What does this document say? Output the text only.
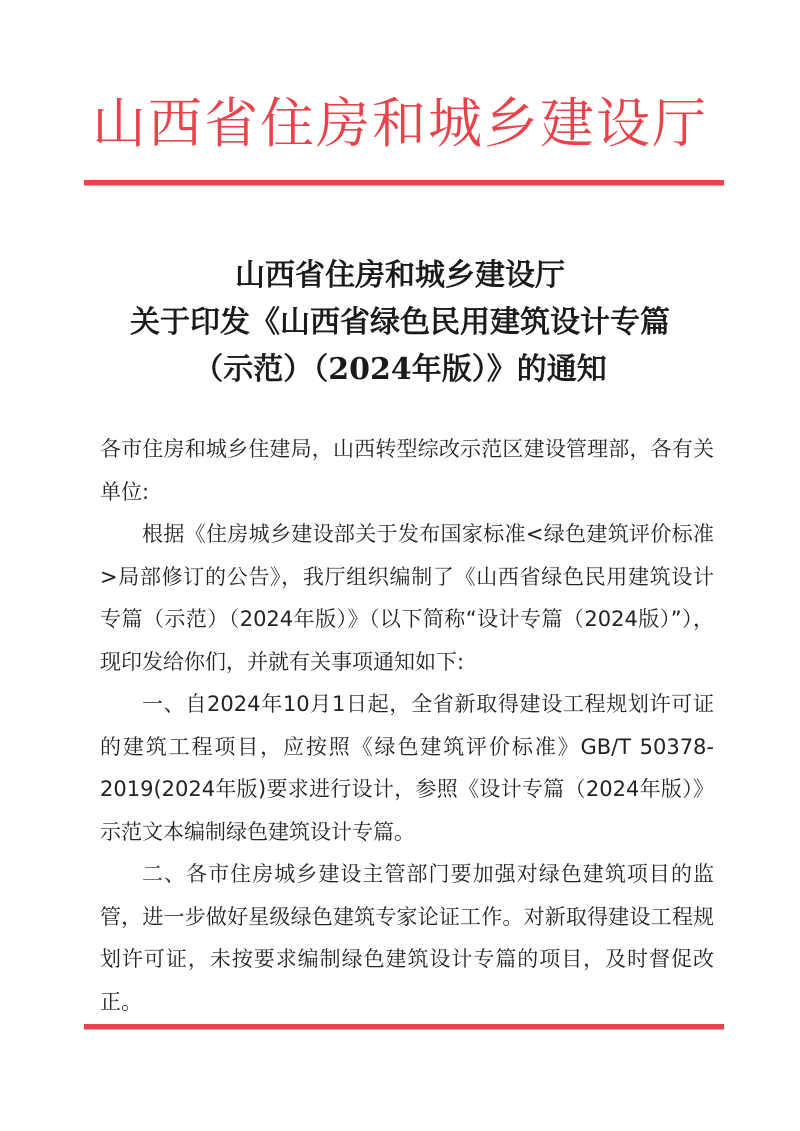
山西省住房和城乡建设厅
山西省住房和城乡建设厅
关于印发《山西省绿色民用建筑设计专篇
（示范）（2024年版）》的通知

各市住房和城乡住建局，山西转型综改示范区建设管理部，各有关单位:

根据《住房城乡建设部关于发布国家标准<绿色建筑评价标准>局部修订的公告》，我厅组织编制了《山西省绿色民用建筑设计专篇（示范）（2024年版）》（以下简称“设计专篇（2024版）”），现印发给你们，并就有关事项通知如下:

一、自2024年10月1日起，全省新取得建设工程规划许可证的建筑工程项目，应按照《绿色建筑评价标准》GB/T 50378-2019(2024年版)要求进行设计，参照《设计专篇（2024年版）》示范文本编制绿色建筑设计专篇。

二、各市住房城乡建设主管部门要加强对绿色建筑项目的监管，进一步做好星级绿色建筑专家论证工作。对新取得建设工程规划许可证，未按要求编制绿色建筑设计专篇的项目，及时督促改正。
